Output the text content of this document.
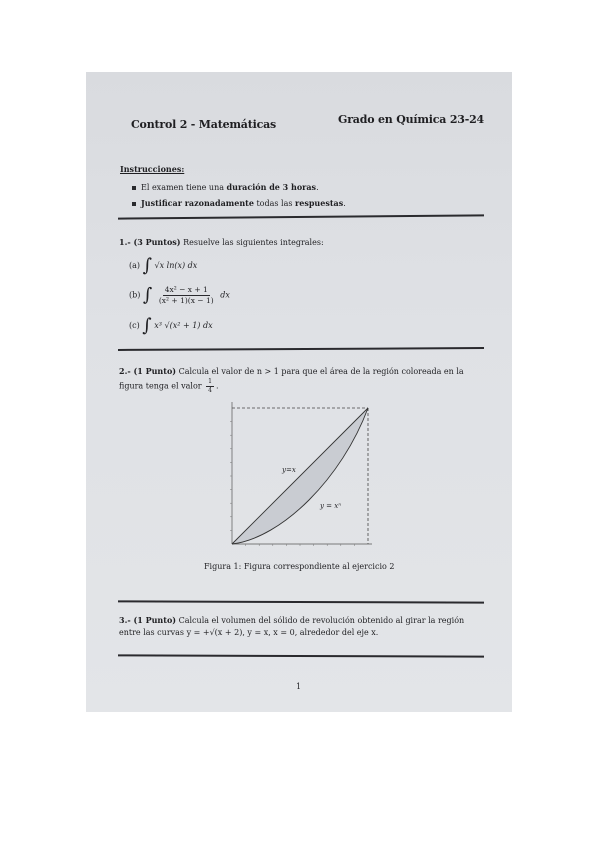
Control 2 - Matemáticas	Grado en Química 23-24
Instrucciones:
El examen tiene una duración de 3 horas.
Justificar razonadamente todas las respuestas.
1.- (3 Puntos) Resuelve las siguientes integrales:
(a) ∫ √x ln(x) dx
(b) ∫ $\frac{\text{4x² − x + 1}}{\text{(x² + 1)(x − 1)}}$ dx
(c) ∫ x³ √(x² + 1) dx
2.- (1 Punto) Calcula el valor de n > 1 para que el área de la región coloreada en la
figura tenga el valor $\frac{1}{4}$ .
y=x
y = xⁿ
Figura 1: Figura correspondiente al ejercicio 2
3.- (1 Punto) Calcula el volumen del sólido de revolución obtenido al girar la región
entre las curvas y = +√(x + 2), y = x, x = 0, alrededor del eje x.
1
